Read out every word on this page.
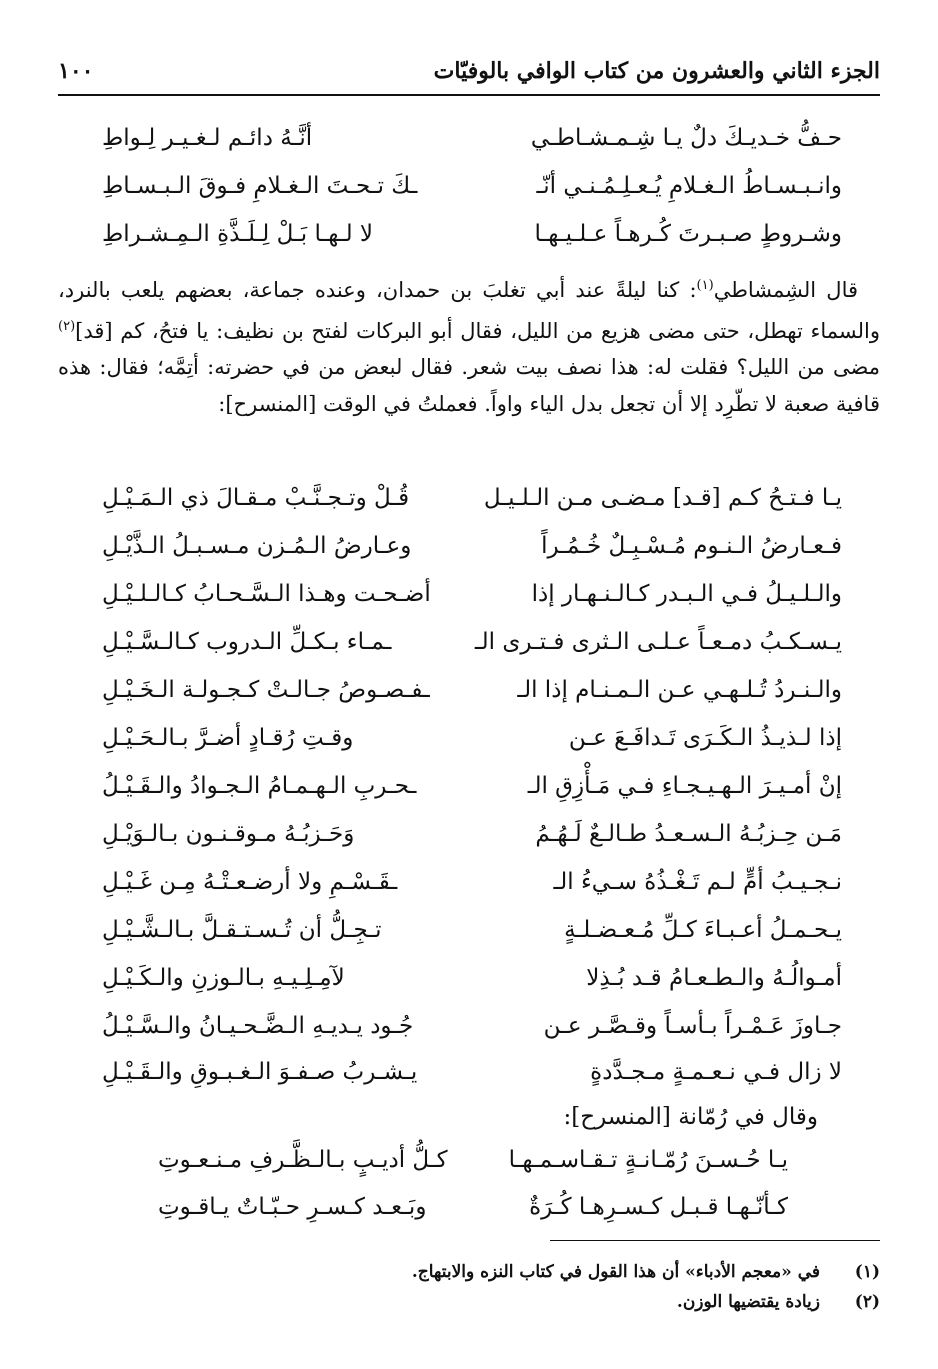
الجزء الثاني والعشرون من كتاب الوافي بالوفيّات
١٠٠
حـفُّ خـديـكَ دلٌ يـا شِـمـشـاطـي
أنَّـهُ دائـم لـغـيـر لِـواطِ
وانـبـسـاطُ الـغـلامِ يُـعـلِـمُـنـي أنّـ
ـكَ تـحـتَ الـغـلامِ فـوقَ الـبـسـاطِ
وشـروطٍ صـبـرتَ كُـرهـاً عـلـيـهـا
لا لـهـا بَـلْ لِـلَـذَّةِ الـمِـشـراطِ

قال الشِمشاطي$^{(١)}$: كنا ليلةً عند أبي تغلبَ بن حمدان، وعنده جماعة، بعضهم يلعب بالنرد، والسماء تهطل، حتى مضى هزيع من الليل، فقال أبو البركات لفتح بن نظيف: يا فتحُ، كم [قد]$^{(٢)}$ مضى من الليل؟ فقلت له: هذا نصف بيت شعر. فقال لبعض من في حضرته: أتِمَّه؛ فقال: هذه قافية صعبة لا تطّرِد إلا أن تجعل بدل الياء واواً. فعملتُ في الوقت [المنسرح]:

يـا فـتـحُ كـم [قـد] مـضـى مـن الـلـيـل
قُـلْ وتـجـنَّـبْ مـقـالَ ذي الـمَـيْـلِ
فـعـارضُ الـنـوم مُـسْـبِـلٌ خُـمُـراً
وعـارضُ الـمُـزن مـسـبـلُ الـذَّيْـلِ
والـلـيـلُ فـي الـبـدر كـالـنـهـار إذا
أضـحـت وهـذا الـسَّـحـابُ كـالـلـيْـلِ
يـسـكـبُ دمـعـاً عـلـى الـثرى فـتـرى الـ
ـمـاء بـكـلِّ الـدروب كـالـسَّـيْـلِ
والـنـردُ تُـلـهـي عـن الـمـنـام إذا الـ
ـفـصـوصُ جـالـتْ كـجـولـة الـخَـيْـلِ
إذا لـذيـذُ الـكَـرَى تَـدافَـعَ عـن
وقـتِ رُقـادٍ أضـرَّ بـالـحَـيْـلِ
إنْ أمـيـرَ الـهـيـجـاءِ فـي مَـأْزِقِ الـ
ـحـربِ الـهـمـامُ الـجـوادُ والـقَـيْـلُ
مَـن حِـزبُـهُ الـسـعـدُ طـالـعٌ لَـهُـمُ
وَحَـزبُـهُ مـوقـنـون بـالـوَيْـلِ
نـجـيـبُ أمٍّ لـم تَـغْـذُهُ سـيءُ الـ
ـقَـسْـمِ ولا أرضـعـتْـهُ مِـن غَـيْـلِ
يـحـمـلُ أعـبـاءَ كـلِّ مُـعـضـلـةٍ
تـجِـلُّ أن تُـسـتـقـلَّ بـالـشَّـيْـلِ
أمـوالُـهُ والـطـعـامُ قـد بُـذِلا
لآمِـلِـيـهِ بـالـوزنِ والـكَـيْـلِ
جـاوزَ عَـمْـراً بـأسـاً وقـصَّـر عـن
جُـود يـديـهِ الـضَّـحـيـانُ والـسَّـيْـلُ
لا زال فـي نـعـمـةٍ مـجـدَّدةٍ
يـشـربُ صـفـوَ الـغـبـوقِ والـقَـيْـلِ
وقال في رُمّانة [المنسرح]:
يـا حُـسـنَ رُمّـانـةٍ تـقـاسـمـهـا
كـلُّ أديـبٍ بـالـظَّـرفِ مـنـعـوتِ
كـأنّـهـا قـبـل كـسـرِهـا كُـرَةٌ
وبَـعـد كـسـرِ حـبّـاتٌ يـاقـوتِ
(١)في «معجم الأدباء» أن هذا القول في كتاب النزه والابتهاج.
(٢)زيادة يقتضيها الوزن.
